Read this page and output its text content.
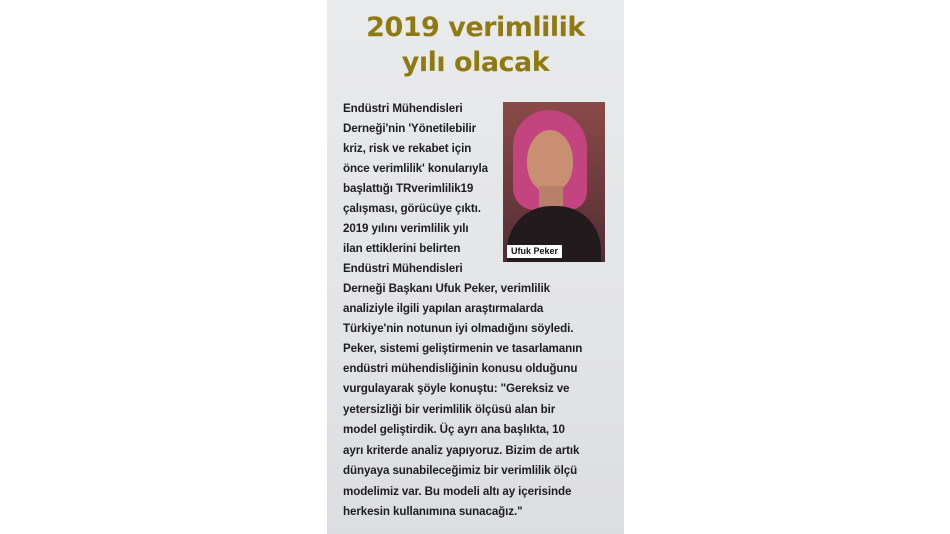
2019 verimlilik
yılı olacak
Ufuk Peker
Endüstri Mühendisleri
Derneği'nin 'Yönetilebilir
kriz, risk ve rekabet için
önce verimlilik' konularıyla
başlattığı TRverimlilik19
çalışması, görücüye çıktı.
2019 yılını verimlilik yılı
ilan ettiklerini belirten
Endüstri Mühendisleri
Derneği Başkanı Ufuk Peker, verimlilik
analiziyle ilgili yapılan araştırmalarda
Türkiye'nin notunun iyi olmadığını söyledi.
Peker, sistemi geliştirmenin ve tasarlamanın
endüstri mühendisliğinin konusu olduğunu
vurgulayarak şöyle konuştu: "Gereksiz ve
yetersizliği bir verimlilik ölçüsü alan bir
model geliştirdik. Üç ayrı ana başlıkta, 10
ayrı kriterde analiz yapıyoruz. Bizim de artık
dünyaya sunabileceğimiz bir verimlilik ölçü
modelimiz var. Bu modeli altı ay içerisinde
herkesin kullanımına sunacağız."
